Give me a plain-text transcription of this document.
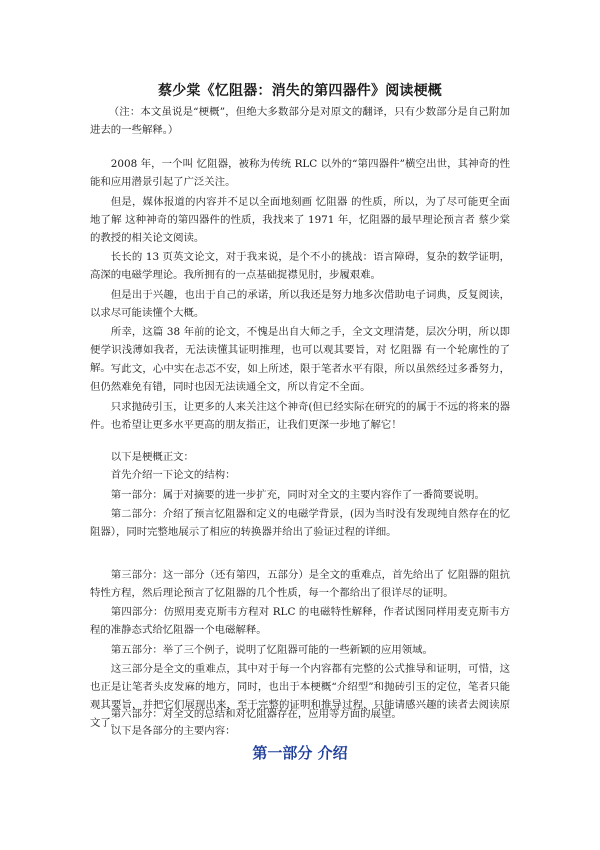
蔡少棠《忆阻器：消失的第四器件》阅读梗概

（注：本文虽说是“梗概”，但绝大多数部分是对原文的翻译，只有少数部分是自己附加进去的一些解释。）

2008 年，一个叫 忆阻器，被称为传统 RLC 以外的“第四器件”横空出世，其神奇的性能和应用潜景引起了广泛关注。

但是，媒体报道的内容并不足以全面地刻画 忆阻器 的性质，所以，为了尽可能更全面地了解 这种神奇的第四器件的性质，我找来了 1971 年，忆阻器的最早理论预言者 蔡少棠的教授的相关论文阅读。

长长的 13 页英文论文，对于我来说，是个不小的挑战：语言障碍，复杂的数学证明，高深的电磁学理论。我所拥有的一点基础捉襟见肘，步履艰难。

但是出于兴趣，也出于自己的承诺，所以我还是努力地多次借助电子词典，反复阅读，以求尽可能读懂个大概。

所幸，这篇 38 年前的论文，不愧是出自大师之手，全文文理清楚，层次分明，所以即便学识浅薄如我者，无法读懂其证明推理，也可以观其要旨，对 忆阻器 有一个轮廓性的了解。 写此文，心中实在忐忑不安，如上所述，限于笔者水平有限，所以虽然经过多番努力，但仍然难免有错，同时也因无法读通全文，所以肯定不全面。

只求抛砖引玉，让更多的人来关注这个神奇(但已经实际在研究的的属于不远的将来的器件。也希望让更多水平更高的朋友指正，让我们更深一步地了解它！

以下是梗概正文：

首先介绍一下论文的结构：

第一部分：属于对摘要的进一步扩充，同时对全文的主要内容作了一番简要说明。

第二部分：介绍了预言忆阻器和定义的电磁学背景，(因为当时没有发现纯自然存在的忆阻器），同时完整地展示了相应的转换器并给出了验证过程的详细。

第三部分：这一部分（还有第四，五部分）是全文的重难点，首先给出了 忆阻器的阻抗特性方程，然后理论预言了忆阻器的几个性质，每一个都给出了很详尽的证明。

第四部分：仿照用麦克斯韦方程对 RLC 的电磁特性解释，作者试图同样用麦克斯韦方程的准静态式给忆阻器一个电磁解释。

第五部分：举了三个例子，说明了忆阻器可能的一些新颖的应用领域。

这三部分是全文的重难点，其中对于每一个内容都有完整的公式推导和证明，可惜，这也正是让笔者头皮发麻的地方，同时，也出于本梗概“介绍型”和抛砖引玉的定位，笔者只能观其要旨，并把它们展现出来，至于完整的证明和推导过程，只能请感兴趣的读者去阅读原文了。

第六部分：对全文的总结和对忆阻器存在，应用等方面的展望。

以下是各部分的主要内容：

第一部分 介绍
